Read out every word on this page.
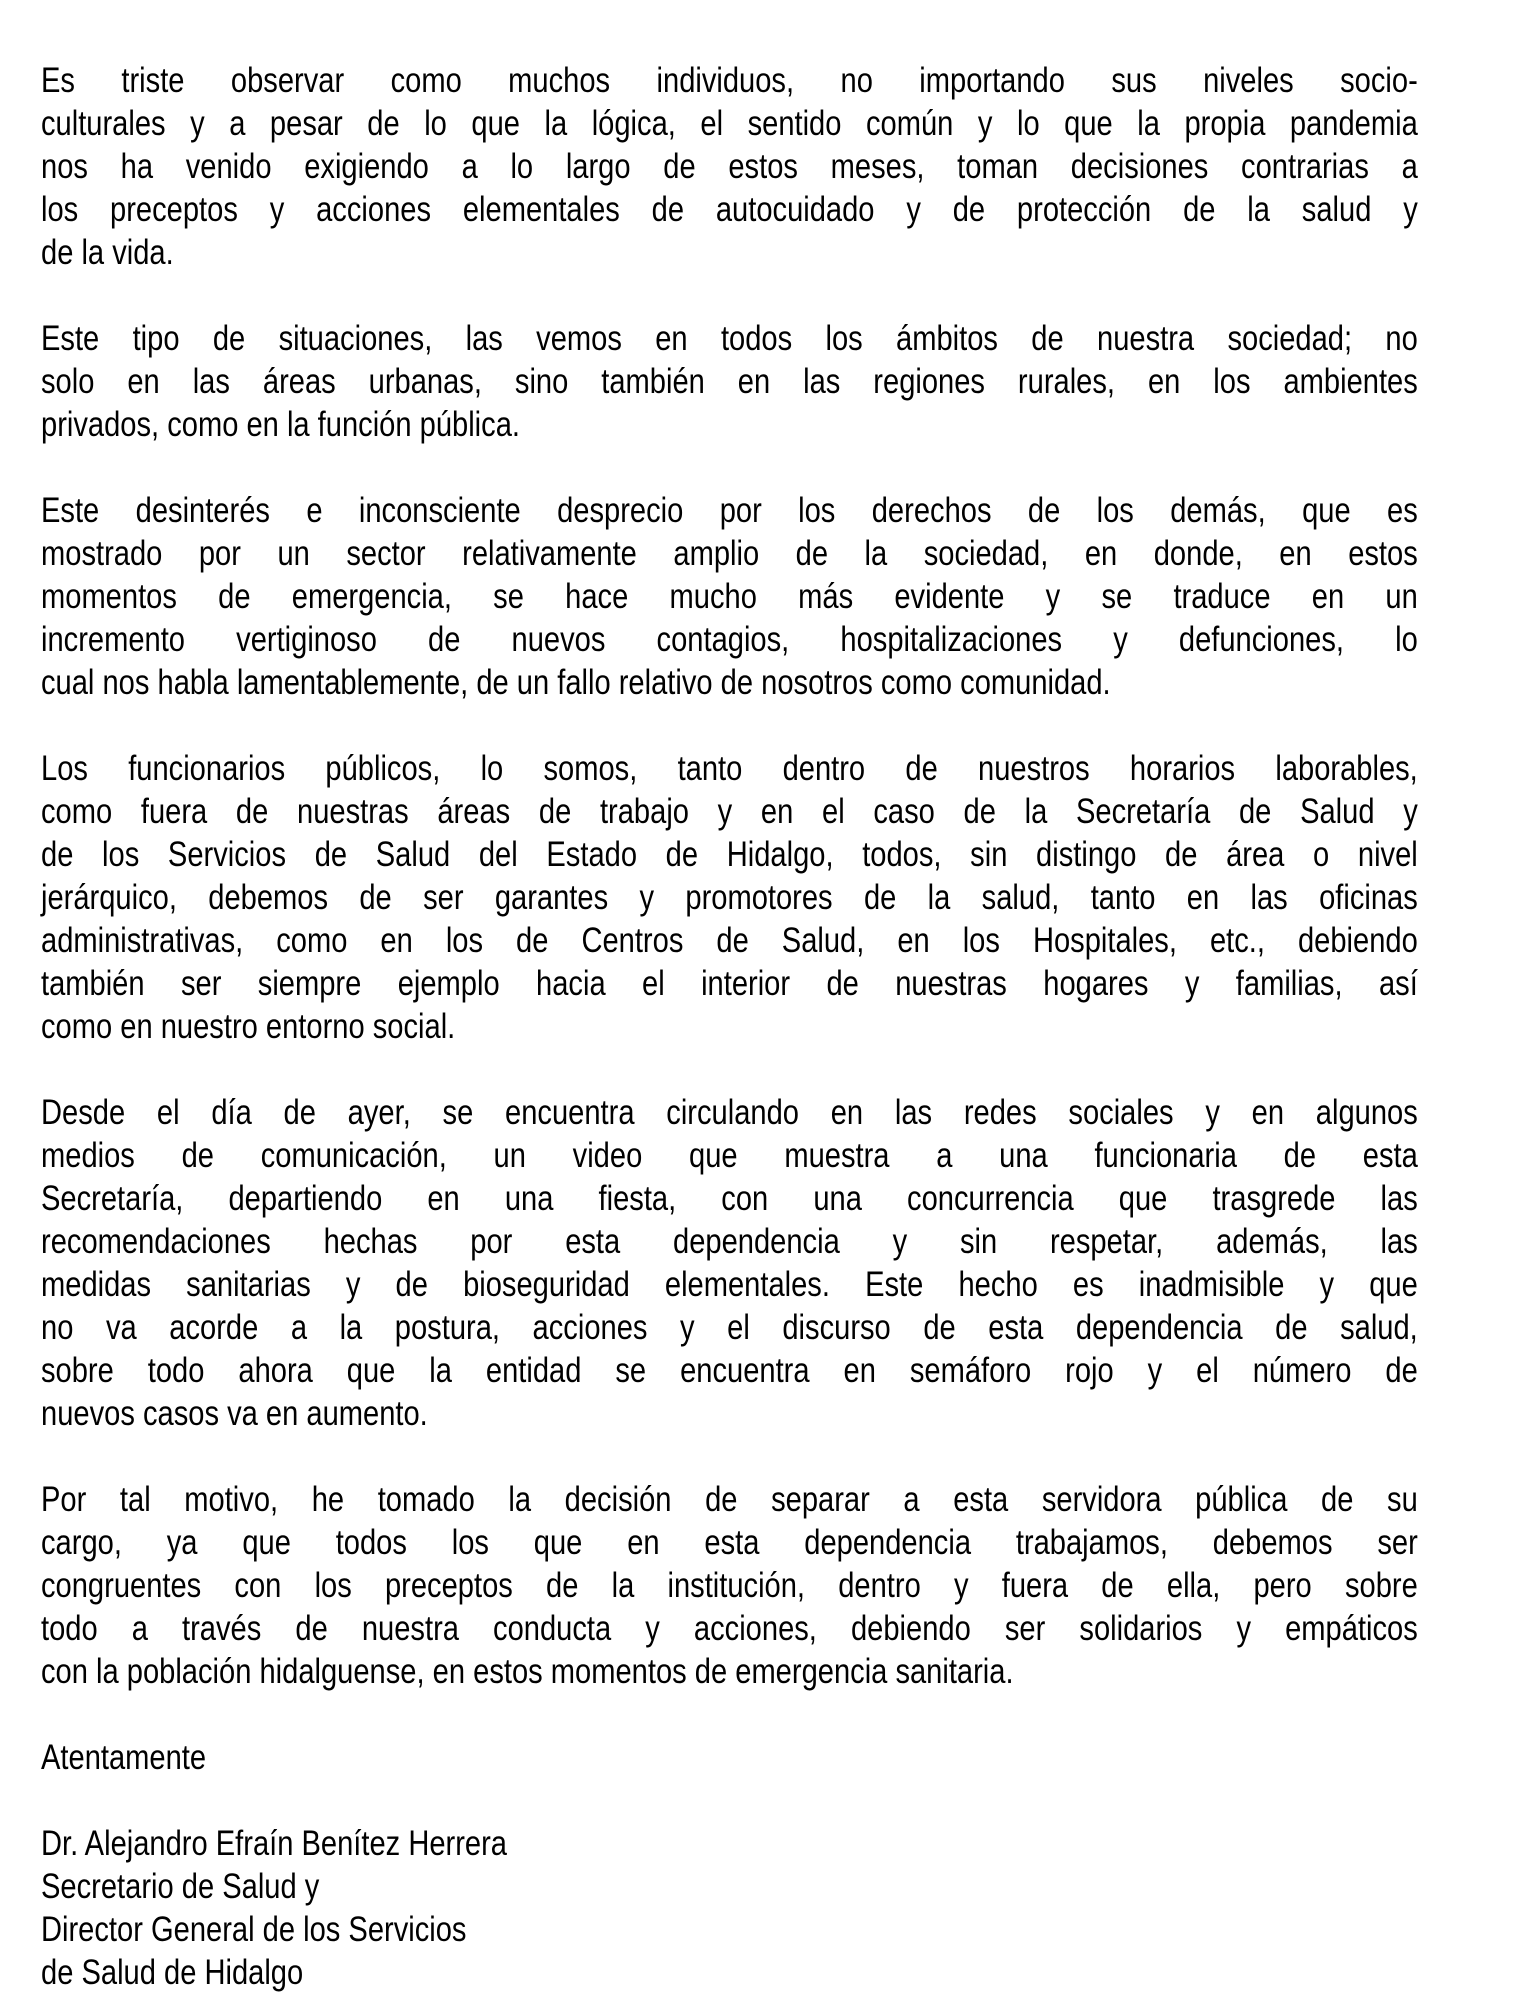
Es triste observar como muchos individuos, no importando sus niveles socio-
culturales y a pesar de lo que la lógica, el sentido común y lo que la propia pandemia
nos ha venido exigiendo a lo largo de estos meses, toman decisiones contrarias a
los preceptos y acciones elementales de autocuidado y de protección de la salud y
de la vida.
Este tipo de situaciones, las vemos en todos los ámbitos de nuestra sociedad; no
solo en las áreas urbanas, sino también en las regiones rurales, en los ambientes
privados, como en la función pública.
Este desinterés e inconsciente desprecio por los derechos de los demás, que es
mostrado por un sector relativamente amplio de la sociedad, en donde, en estos
momentos de emergencia, se hace mucho más evidente y se traduce en un
incremento vertiginoso de nuevos contagios, hospitalizaciones y defunciones, lo
cual nos habla lamentablemente, de un fallo relativo de nosotros como comunidad.
Los funcionarios públicos, lo somos, tanto dentro de nuestros horarios laborables,
como fuera de nuestras áreas de trabajo y en el caso de la Secretaría de Salud y
de los Servicios de Salud del Estado de Hidalgo, todos, sin distingo de área o nivel
jerárquico, debemos de ser garantes y promotores de la salud, tanto en las oficinas
administrativas, como en los de Centros de Salud, en los Hospitales, etc., debiendo
también ser siempre ejemplo hacia el interior de nuestras hogares y familias, así
como en nuestro entorno social.
Desde el día de ayer, se encuentra circulando en las redes sociales y en algunos
medios de comunicación, un video que muestra a una funcionaria de esta
Secretaría, departiendo en una fiesta, con una concurrencia que trasgrede las
recomendaciones hechas por esta dependencia y sin respetar, además, las
medidas sanitarias y de bioseguridad elementales. Este hecho es inadmisible y que
no va acorde a la postura, acciones y el discurso de esta dependencia de salud,
sobre todo ahora que la entidad se encuentra en semáforo rojo y el número de
nuevos casos va en aumento.
Por tal motivo, he tomado la decisión de separar a esta servidora pública de su
cargo, ya que todos los que en esta dependencia trabajamos, debemos ser
congruentes con los preceptos de la institución, dentro y fuera de ella, pero sobre
todo a través de nuestra conducta y acciones, debiendo ser solidarios y empáticos
con la población hidalguense, en estos momentos de emergencia sanitaria.
Atentamente
Dr. Alejandro Efraín Benítez Herrera
Secretario de Salud y
Director General de los Servicios
de Salud de Hidalgo
